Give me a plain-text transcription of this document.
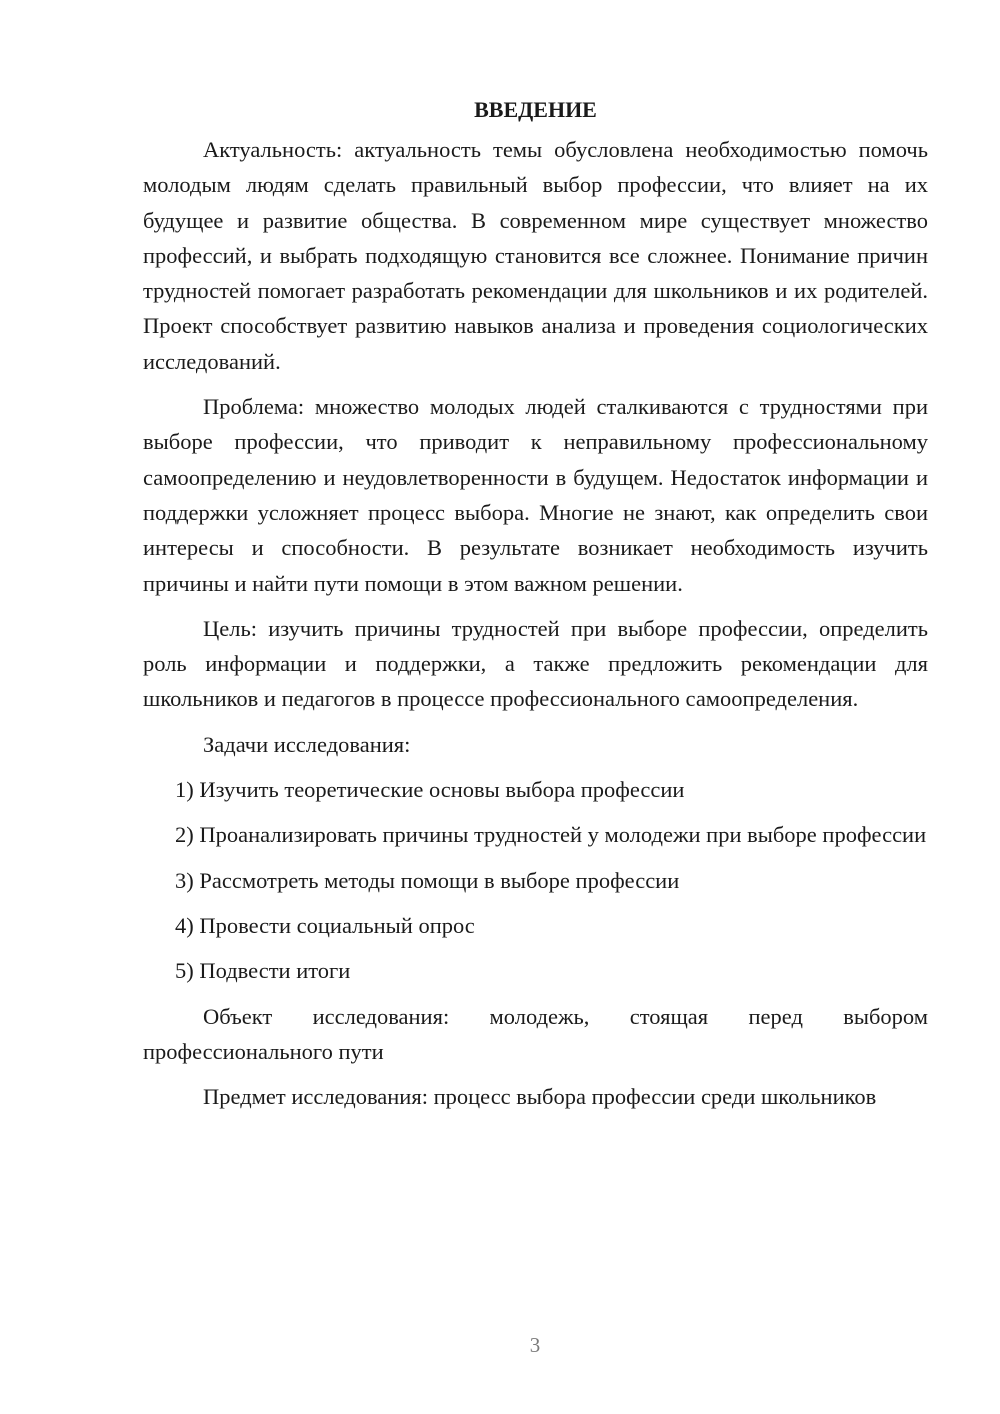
ВВЕДЕНИЕ

Актуальность: актуальность темы обусловлена необходимостью помочь молодым людям сделать правильный выбор профессии, что влияет на их будущее и развитие общества. В современном мире существует множество профессий, и выбрать подходящую становится все сложнее. Понимание причин трудностей помогает разработать рекомендации для школьников и их родителей. Проект способствует развитию навыков анализа и проведения социологических исследований.

Проблема: множество молодых людей сталкиваются с трудностями при выборе профессии, что приводит к неправильному профессиональному самоопределению и неудовлетворенности в будущем. Недостаток информации и поддержки усложняет процесс выбора. Многие не знают, как определить свои интересы и способности. В результате возникает необходимость изучить причины и найти пути помощи в этом важном решении.

Цель: изучить причины трудностей при выборе профессии, определить роль информации и поддержки, а также предложить рекомендации для школьников и педагогов в процессе профессионального самоопределения.

Задачи исследования:

1) Изучить теоретические основы выбора профессии

2) Проанализировать причины трудностей у молодежи при выборе профессии

3) Рассмотреть методы помощи в выборе профессии

4) Провести социальный опрос

5) Подвести итоги

Объект исследования: молодежь, стоящая перед выбором профессионального пути

Предмет исследования: процесс выбора профессии среди школьников

3
